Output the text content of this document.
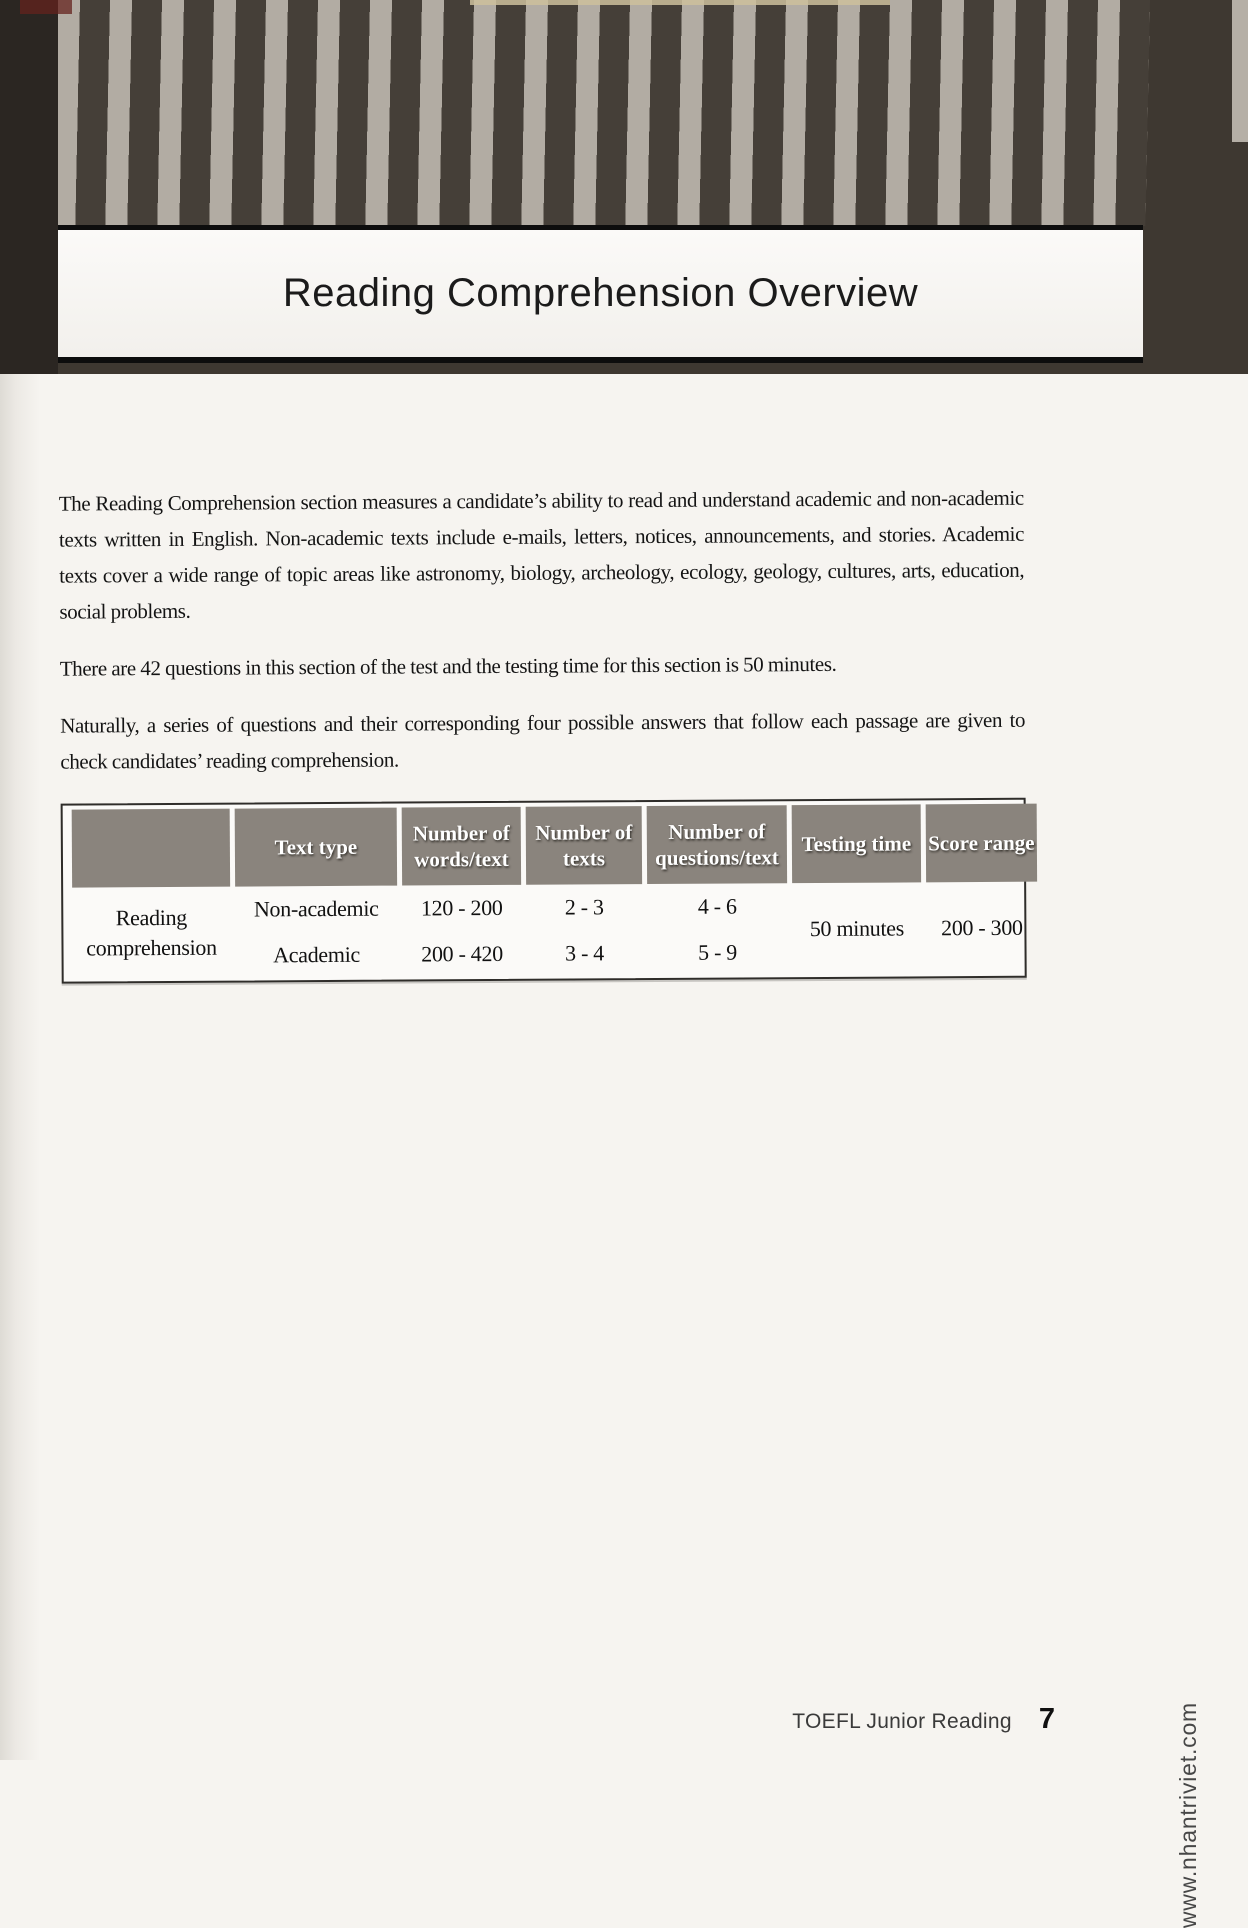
Reading Comprehension Overview

The Reading Comprehension section measures a candidate’s ability to read and understand academic and non-academic texts written in English. Non-academic texts include e-mails, letters, notices, announcements, and stories. Academic texts cover a wide range of topic areas like astronomy, biology, archeology, ecology, geology, cultures, arts, education, social problems.

There are 42 questions in this section of the test and the testing time for this section is 50 minutes.

Naturally, a series of questions and their corresponding four possible answers that follow each passage are given to check candidates’ reading comprehension.

	Text type	Number of words/text	Number of texts	Number of questions/text	Testing time	Score range
Reading comprehension	Non-academic	120 - 200	2 - 3	4 - 6	50 minutes	200 - 300
	Academic	200 - 420	3 - 4	5 - 9		
www.nhantriviet.com
TOEFL Junior Reading 7
